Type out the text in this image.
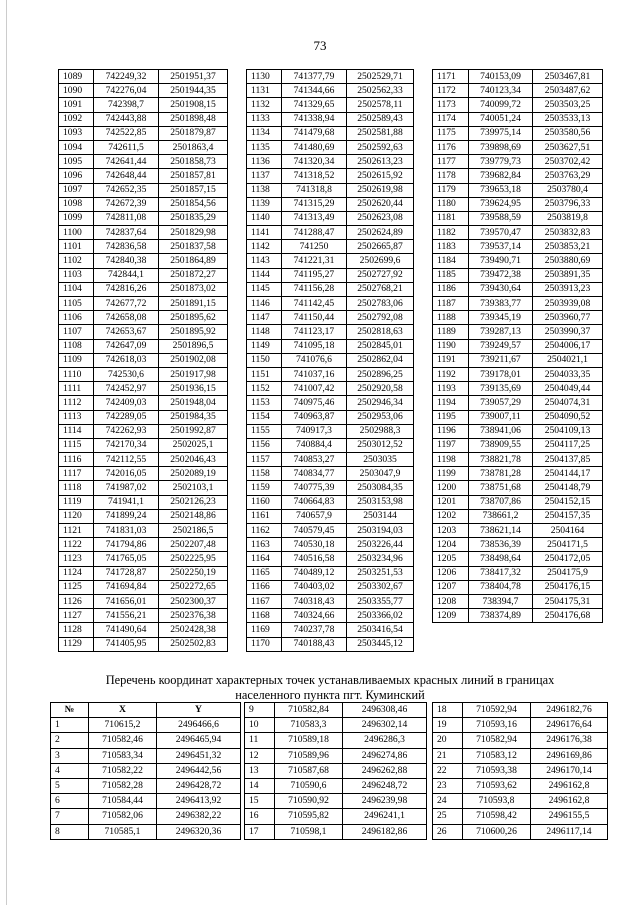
73
1089	742249,32	2501951,37
1090	742276,04	2501944,35
1091	742398,7	2501908,15
1092	742443,88	2501898,48
1093	742522,85	2501879,87
1094	742611,5	2501863,4
1095	742641,44	2501858,73
1096	742648,44	2501857,81
1097	742652,35	2501857,15
1098	742672,39	2501854,56
1099	742811,08	2501835,29
1100	742837,64	2501829,98
1101	742836,58	2501837,58
1102	742840,38	2501864,89
1103	742844,1	2501872,27
1104	742816,26	2501873,02
1105	742677,72	2501891,15
1106	742658,08	2501895,62
1107	742653,67	2501895,92
1108	742647,09	2501896,5
1109	742618,03	2501902,08
1110	742530,6	2501917,98
1111	742452,97	2501936,15
1112	742409,03	2501948,04
1113	742289,05	2501984,35
1114	742262,93	2501992,87
1115	742170,34	2502025,1
1116	742112,55	2502046,43
1117	742016,05	2502089,19
1118	741987,02	2502103,1
1119	741941,1	2502126,23
1120	741899,24	2502148,86
1121	741831,03	2502186,5
1122	741794,86	2502207,48
1123	741765,05	2502225,95
1124	741728,87	2502250,19
1125	741694,84	2502272,65
1126	741656,01	2502300,37
1127	741556,21	2502376,38
1128	741490,64	2502428,38
1129	741405,95	2502502,83
1130	741377,79	2502529,71
1131	741344,66	2502562,33
1132	741329,65	2502578,11
1133	741338,94	2502589,43
1134	741479,68	2502581,88
1135	741480,69	2502592,63
1136	741320,34	2502613,23
1137	741318,52	2502615,92
1138	741318,8	2502619,98
1139	741315,29	2502620,44
1140	741313,49	2502623,08
1141	741288,47	2502624,89
1142	741250	2502665,87
1143	741221,31	2502699,6
1144	741195,27	2502727,92
1145	741156,28	2502768,21
1146	741142,45	2502783,06
1147	741150,44	2502792,08
1148	741123,17	2502818,63
1149	741095,18	2502845,01
1150	741076,6	2502862,04
1151	741037,16	2502896,25
1152	741007,42	2502920,58
1153	740975,46	2502946,34
1154	740963,87	2502953,06
1155	740917,3	2502988,3
1156	740884,4	2503012,52
1157	740853,27	2503035
1158	740834,77	2503047,9
1159	740775,39	2503084,35
1160	740664,83	2503153,98
1161	740657,9	2503144
1162	740579,45	2503194,03
1163	740530,18	2503226,44
1164	740516,58	2503234,96
1165	740489,12	2503251,53
1166	740403,02	2503302,67
1167	740318,43	2503355,77
1168	740324,66	2503366,02
1169	740237,78	2503416,54
1170	740188,43	2503445,12
1171	740153,09	2503467,81
1172	740123,34	2503487,62
1173	740099,72	2503503,25
1174	740051,24	2503533,13
1175	739975,14	2503580,56
1176	739898,69	2503627,51
1177	739779,73	2503702,42
1178	739682,84	2503763,29
1179	739653,18	2503780,4
1180	739624,95	2503796,33
1181	739588,59	2503819,8
1182	739570,47	2503832,83
1183	739537,14	2503853,21
1184	739490,71	2503880,69
1185	739472,38	2503891,35
1186	739430,64	2503913,23
1187	739383,77	2503939,08
1188	739345,19	2503960,77
1189	739287,13	2503990,37
1190	739249,57	2504006,17
1191	739211,67	2504021,1
1192	739178,01	2504033,35
1193	739135,69	2504049,44
1194	739057,29	2504074,31
1195	739007,11	2504090,52
1196	738941,06	2504109,13
1197	738909,55	2504117,25
1198	738821,78	2504137,85
1199	738781,28	2504144,17
1200	738751,68	2504148,79
1201	738707,86	2504152,15
1202	738661,2	2504157,35
1203	738621,14	2504164
1204	738536,39	2504171,5
1205	738498,64	2504172,05
1206	738417,32	2504175,9
1207	738404,78	2504176,15
1208	738394,7	2504175,31
1209	738374,89	2504176,68
Перечень координат характерных точек устанавливаемых красных линий в границах
населенного пункта пгт. Куминский
№	X	Y
1	710615,2	2496466,6
2	710582,46	2496465,94
3	710583,34	2496451,32
4	710582,22	2496442,56
5	710582,28	2496428,72
6	710584,44	2496413,92
7	710582,06	2496382,22
8	710585,1	2496320,36
9	710582,84	2496308,46
10	710583,3	2496302,14
11	710589,18	2496286,3
12	710589,96	2496274,86
13	710587,68	2496262,88
14	710590,6	2496248,72
15	710590,92	2496239,98
16	710595,82	2496241,1
17	710598,1	2496182,86
18	710592,94	2496182,76
19	710593,16	2496176,64
20	710582,94	2496176,38
21	710583,12	2496169,86
22	710593,38	2496170,14
23	710593,62	2496162,8
24	710593,8	2496162,8
25	710598,42	2496155,5
26	710600,26	2496117,14
